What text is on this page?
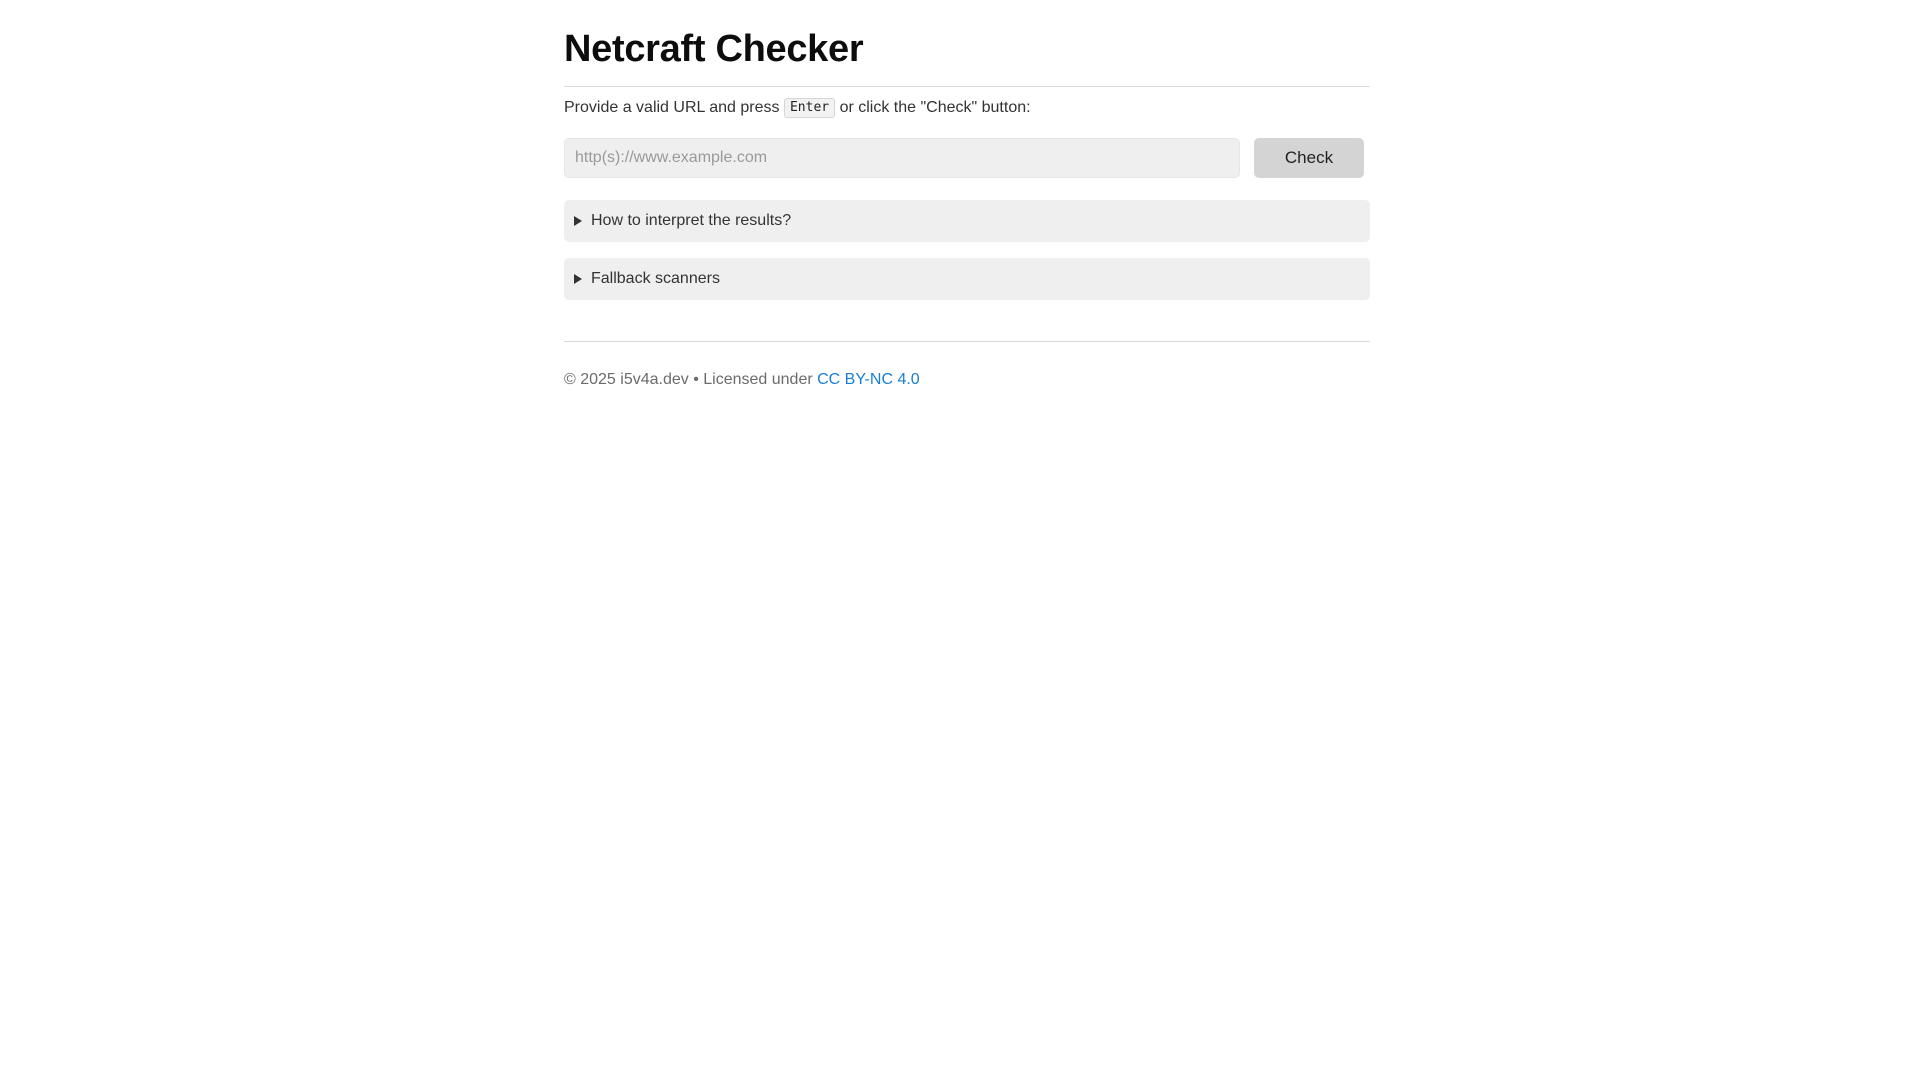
Netcraft Checker
Provide a valid URL and press Enter or click the "Check" button:
http(s)://www.example.com
Check
How to interpret the results?
Fallback scanners
© 2025 i5v4a.dev • Licensed under CC BY-NC 4.0
